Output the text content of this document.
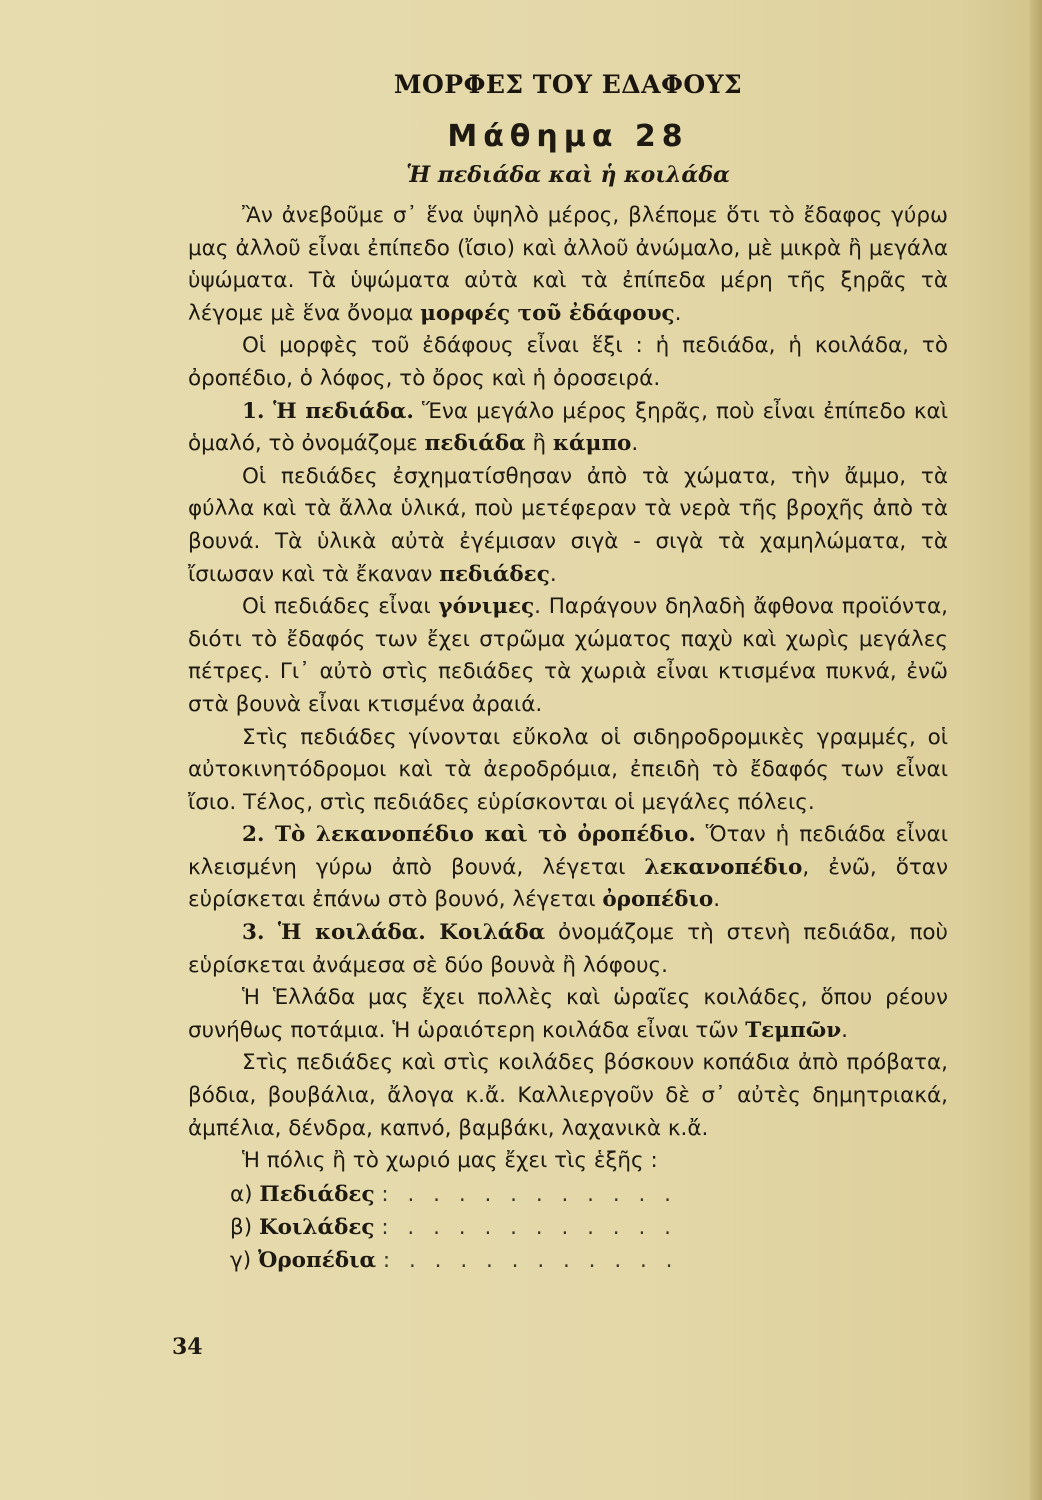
ΜΟΡΦΕΣ ΤΟΥ ΕΔΑΦΟΥΣ
Μάθημα 28
Ἡ πεδιάδα καὶ ἡ κοιλάδα

Ἂν ἀνεβοῦμε σ᾽ ἕνα ὑψηλὸ μέρος, βλέπομε ὅτι τὸ ἔδαφος γύρω μας ἀλλοῦ εἶναι ἐπίπεδο (ἴσιο) καὶ ἀλλοῦ ἀνώμαλο, μὲ μικρὰ ἢ μεγάλα ὑψώματα. Τὰ ὑψώματα αὐτὰ καὶ τὰ ἐπίπεδα μέρη τῆς ξηρᾶς τὰ λέγομε μὲ ἕνα ὄνομα μορφές τοῦ ἐδάφους.

Οἱ μορφὲς τοῦ ἐδάφους εἶναι ἕξι : ἡ πεδιάδα, ἡ κοιλάδα, τὸ ὀροπέδιο, ὁ λόφος, τὸ ὄρος καὶ ἡ ὀροσειρά.

1. Ἡ πεδιάδα. Ἕνα μεγάλο μέρος ξηρᾶς, ποὺ εἶναι ἐπίπεδο καὶ ὁμαλό, τὸ ὀνομάζομε πεδιάδα ἢ κάμπο.

Οἱ πεδιάδες ἐσχηματίσθησαν ἀπὸ τὰ χώματα, τὴν ἄμμο, τὰ φύλλα καὶ τὰ ἄλλα ὑλικά, ποὺ μετέφεραν τὰ νερὰ τῆς βροχῆς ἀπὸ τὰ βουνά. Τὰ ὑλικὰ αὐτὰ ἐγέμισαν σιγὰ - σιγὰ τὰ χαμηλώματα, τὰ ἴσιωσαν καὶ τὰ ἔκαναν πεδιάδες.

Οἱ πεδιάδες εἶναι γόνιμες. Παράγουν δηλαδὴ ἄφθονα προϊόντα, διότι τὸ ἔδαφός των ἔχει στρῶμα χώματος παχὺ καὶ χωρὶς μεγάλες πέτρες. Γι᾽ αὐτὸ στὶς πεδιάδες τὰ χωριὰ εἶναι κτισμένα πυκνά, ἐνῶ στὰ βουνὰ εἶναι κτισμένα ἀραιά.

Στὶς πεδιάδες γίνονται εὔκολα οἱ σιδηροδρομικὲς γραμμές, οἱ αὐτοκινητόδρομοι καὶ τὰ ἀεροδρόμια, ἐπειδὴ τὸ ἔδαφός των εἶναι ἴσιο. Τέλος, στὶς πεδιάδες εὑρίσκονται οἱ μεγάλες πόλεις.

2. Τὸ λεκανοπέδιο καὶ τὸ ὀροπέδιο. Ὅταν ἡ πεδιάδα εἶναι κλεισμένη γύρω ἀπὸ βουνά, λέγεται λεκανοπέδιο, ἐνῶ, ὅταν εὑρίσκεται ἐπάνω στὸ βουνό, λέγεται ὀροπέδιο.

3. Ἡ κοιλάδα. Κοιλάδα ὀνομάζομε τὴ στενὴ πεδιάδα, ποὺ εὑρίσκεται ἀνάμεσα σὲ δύο βουνὰ ἢ λόφους.

Ἡ Ἑλλάδα μας ἔχει πολλὲς καὶ ὡραῖες κοιλάδες, ὅπου ρέουν συνήθως ποτάμια. Ἡ ὡραιότερη κοιλάδα εἶναι τῶν Τεμπῶν.

Στὶς πεδιάδες καὶ στὶς κοιλάδες βόσκουν κοπάδια ἀπὸ πρόβατα, βόδια, βουβάλια, ἄλογα κ.ἄ. Καλλιεργοῦν δὲ σ᾽ αὐτὲς δημητριακά, ἀμπέλια, δένδρα, καπνό, βαμβάκι, λαχανικὰ κ.ἄ.

Ἡ πόλις ἢ τὸ χωριό μας ἔχει τὶς ἑξῆς :

α) Πεδιάδες : . . . . . . . . . . .
β) Κοιλάδες : . . . . . . . . . . .
γ) Ὀροπέδια : . . . . . . . . . . .
34
